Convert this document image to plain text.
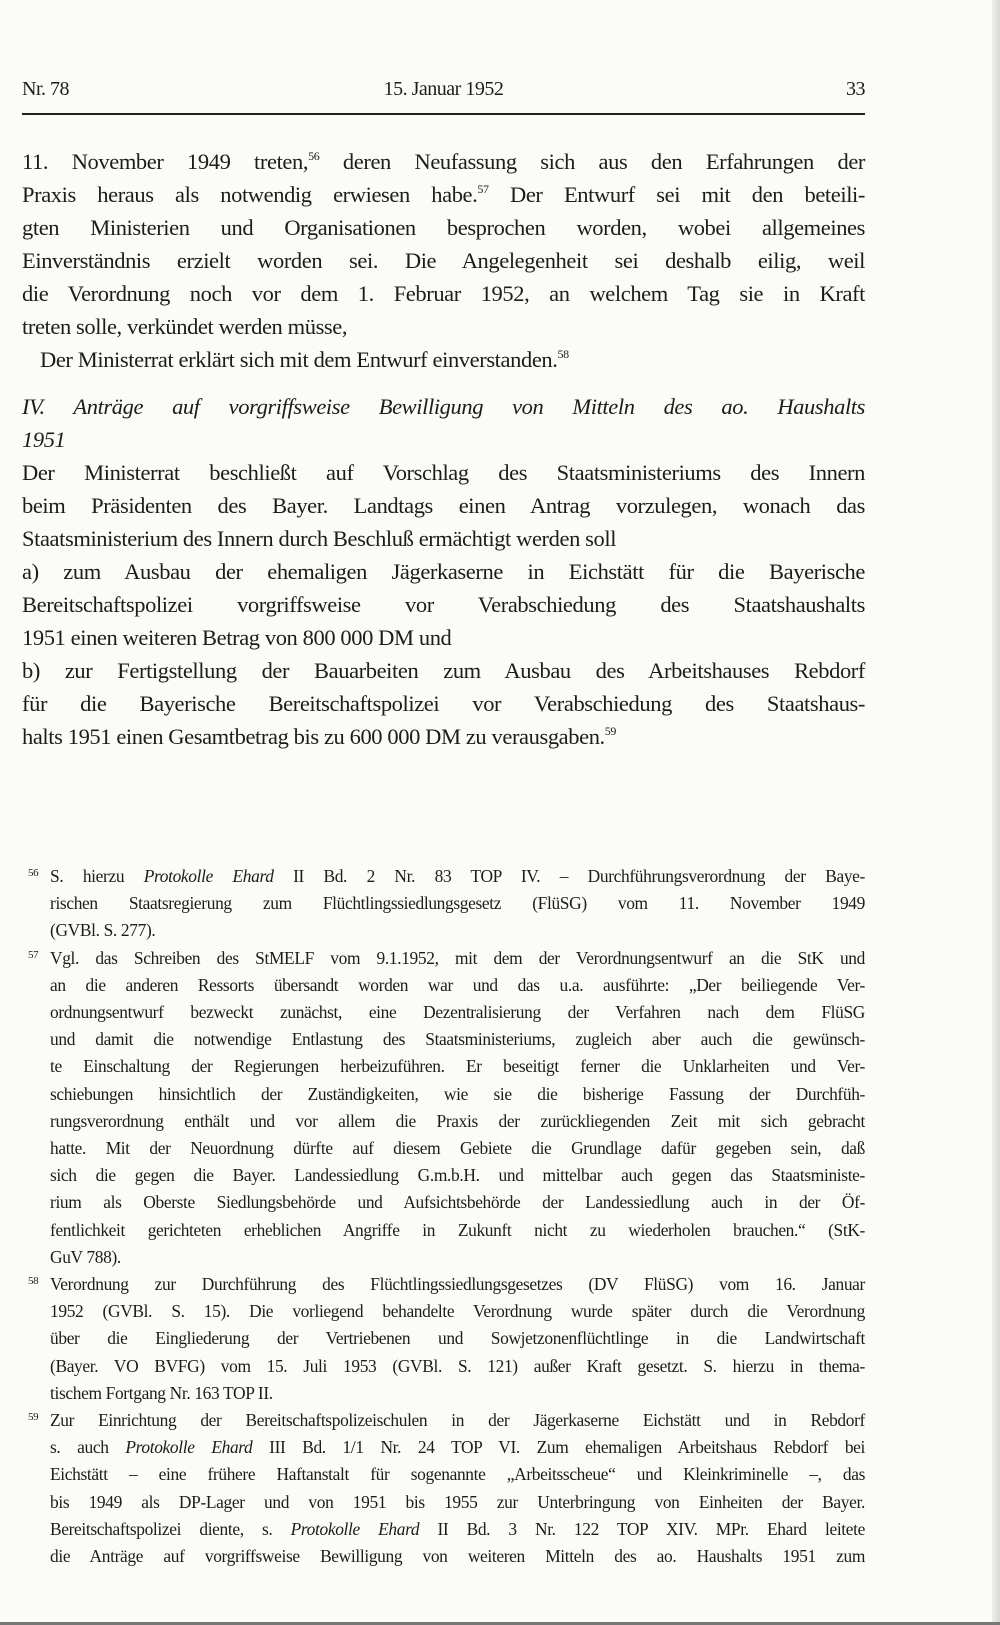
15. Januar 1952
Nr. 78	33
11. November 1949 treten,$^{56}$ deren Neufassung sich aus den Erfahrungen der
Praxis heraus als notwendig erwiesen habe.$^{57}$ Der Entwurf sei mit den beteili-
gten Ministerien und Organisationen besprochen worden, wobei allgemeines
Einverständnis erzielt worden sei. Die Angelegenheit sei deshalb eilig, weil
die Verordnung noch vor dem 1. Februar 1952, an welchem Tag sie in Kraft
treten solle, verkündet werden müsse,
Der Ministerrat erklärt sich mit dem Entwurf einverstanden.$^{58}$
IV. Anträge auf vorgriffsweise Bewilligung von Mitteln des ao. Haushalts
1951
Der Ministerrat beschließt auf Vorschlag des Staatsministeriums des Innern
beim Präsidenten des Bayer. Landtags einen Antrag vorzulegen, wonach das
Staatsministerium des Innern durch Beschluß ermächtigt werden soll
a) zum Ausbau der ehemaligen Jägerkaserne in Eichstätt für die Bayerische
Bereitschaftspolizei vorgriffsweise vor Verabschiedung des Staatshaushalts
1951 einen weiteren Betrag von 800 000 DM und
b) zur Fertigstellung der Bauarbeiten zum Ausbau des Arbeitshauses Rebdorf
für die Bayerische Bereitschaftspolizei vor Verabschiedung des Staatshaus-
halts 1951 einen Gesamtbetrag bis zu 600 000 DM zu verausgaben.$^{59}$
56 S. hierzu Protokolle Ehard II Bd. 2 Nr. 83 TOP IV. – Durchführungsverordnung der Baye-
rischen Staatsregierung zum Flüchtlingssiedlungsgesetz (FlüSG) vom 11. November 1949
(GVBl. S. 277).
57 Vgl. das Schreiben des StMELF vom 9.1.1952, mit dem der Verordnungsentwurf an die StK und
an die anderen Ressorts übersandt worden war und das u.a. ausführte: „Der beiliegende Ver-
ordnungsentwurf bezweckt zunächst, eine Dezentralisierung der Verfahren nach dem FlüSG
und damit die notwendige Entlastung des Staatsministeriums, zugleich aber auch die gewünsch-
te Einschaltung der Regierungen herbeizuführen. Er beseitigt ferner die Unklarheiten und Ver-
schiebungen hinsichtlich der Zuständigkeiten, wie sie die bisherige Fassung der Durchfüh-
rungsverordnung enthält und vor allem die Praxis der zurückliegenden Zeit mit sich gebracht
hatte. Mit der Neuordnung dürfte auf diesem Gebiete die Grundlage dafür gegeben sein, daß
sich die gegen die Bayer. Landessiedlung G.m.b.H. und mittelbar auch gegen das Staatsministe-
rium als Oberste Siedlungsbehörde und Aufsichtsbehörde der Landessiedlung auch in der Öf-
fentlichkeit gerichteten erheblichen Angriffe in Zukunft nicht zu wiederholen brauchen.“ (StK-
GuV 788).
58 Verordnung zur Durchführung des Flüchtlingssiedlungsgesetzes (DV FlüSG) vom 16. Januar
1952 (GVBl. S. 15). Die vorliegend behandelte Verordnung wurde später durch die Verordnung
über die Eingliederung der Vertriebenen und Sowjetzonenflüchtlinge in die Landwirtschaft
(Bayer. VO BVFG) vom 15. Juli 1953 (GVBl. S. 121) außer Kraft gesetzt. S. hierzu in thema-
tischem Fortgang Nr. 163 TOP II.
59 Zur Einrichtung der Bereitschaftspolizeischulen in der Jägerkaserne Eichstätt und in Rebdorf
s. auch Protokolle Ehard III Bd. 1/1 Nr. 24 TOP VI. Zum ehemaligen Arbeitshaus Rebdorf bei
Eichstätt – eine frühere Haftanstalt für sogenannte „Arbeitsscheue“ und Kleinkriminelle –, das
bis 1949 als DP-Lager und von 1951 bis 1955 zur Unterbringung von Einheiten der Bayer.
Bereitschaftspolizei diente, s. Protokolle Ehard II Bd. 3 Nr. 122 TOP XIV. MPr. Ehard leitete
die Anträge auf vorgriffsweise Bewilligung von weiteren Mitteln des ao. Haushalts 1951 zum
